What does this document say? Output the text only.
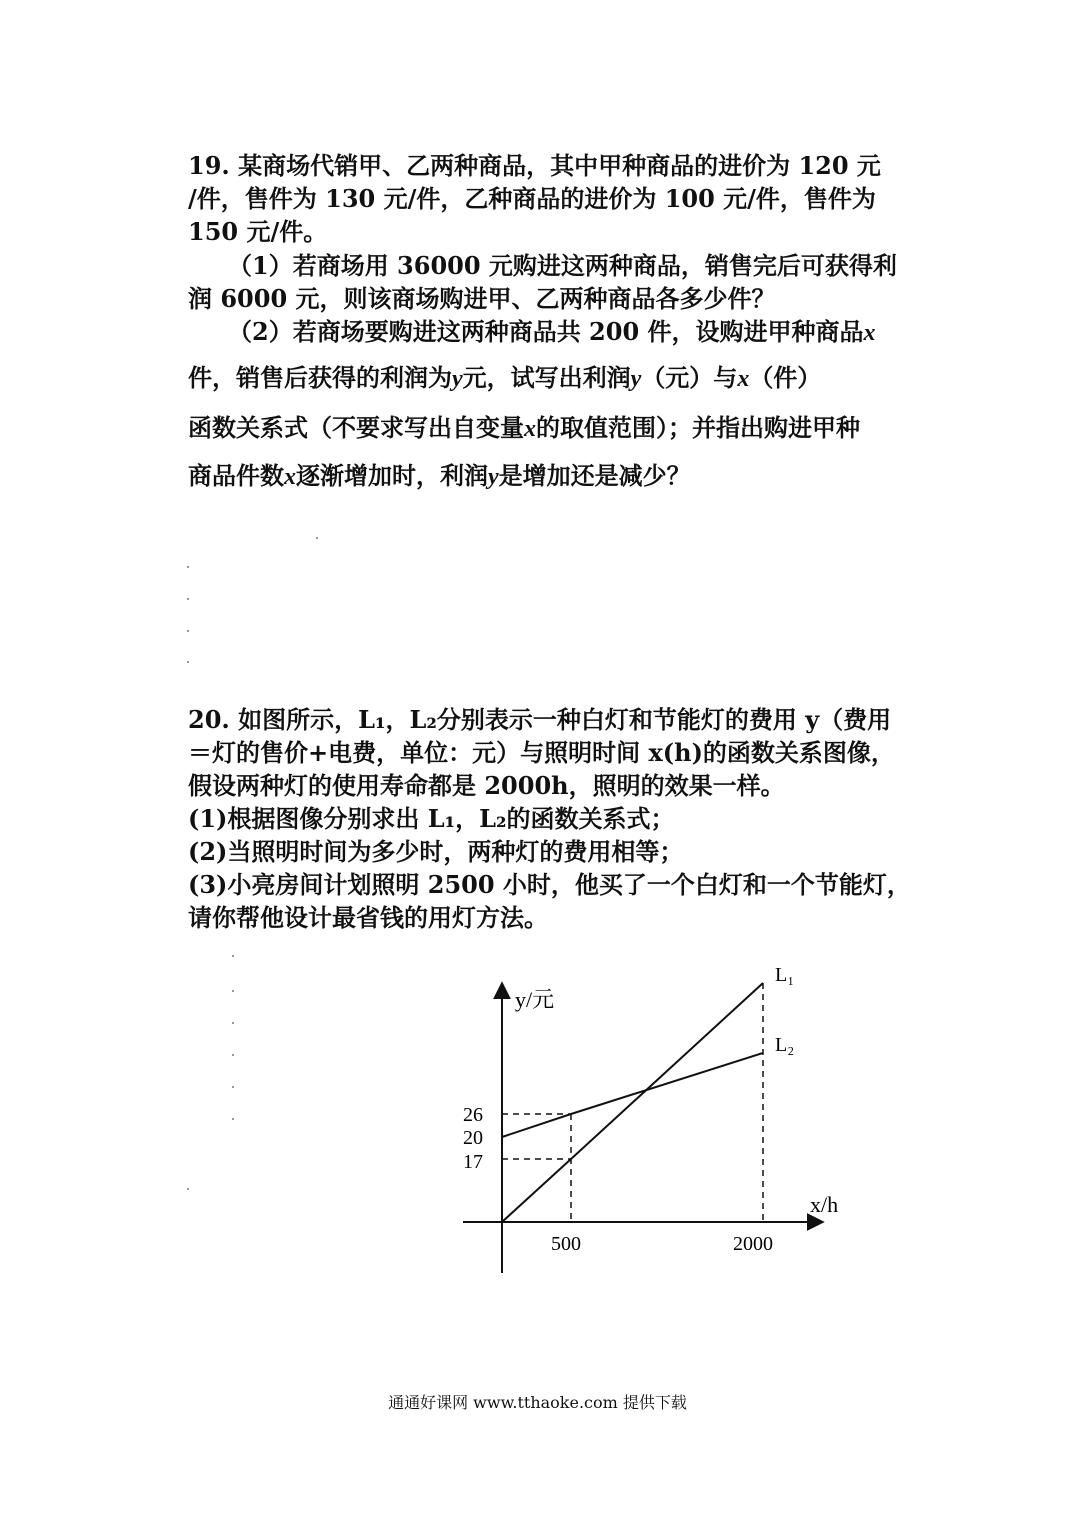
19. 某商场代销甲、乙两种商品，其中甲种商品的进价为 120 元
/件，售件为 130 元/件，乙种商品的进价为 100 元/件，售件为
150 元/件。
（1）若商场用 36000 元购进这两种商品，销售完后可获得利
润 6000 元，则该商场购进甲、乙两种商品各多少件？
（2）若商场要购进这两种商品共 200 件，设购进甲种商品x
件，销售后获得的利润为y元，试写出利润y（元）与x（件）
函数关系式（不要求写出自变量x的取值范围）；并指出购进甲种
商品件数x逐渐增加时，利润y是增加还是减少？
20. 如图所示，L₁，L₂分别表示一种白灯和节能灯的费用 y（费用
＝灯的售价+电费，单位：元）与照明时间 x(h)的函数关系图像，
假设两种灯的使用寿命都是 2000h，照明的效果一样。
(1)根据图像分别求出 L₁，L₂的函数关系式；
(2)当照明时间为多少时，两种灯的费用相等；
(3)小亮房间计划照明 2500 小时，他买了一个白灯和一个节能灯，
请你帮他设计最省钱的用灯方法。
y/元
x/h
L₁
L₂
26
20
17
500	2000
通通好课网 www.tthaoke.com 提供下载
